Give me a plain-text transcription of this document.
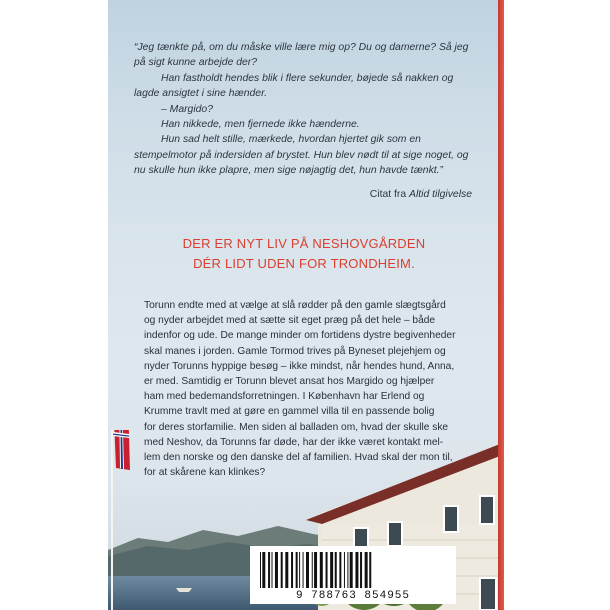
“Jeg tænkte på, om du måske ville lære mig op? Du og damerne? Så jeg på sigt kunne arbejde der?

Han fastholdt hendes blik i flere sekunder, bøjede så nakken og lagde ansigtet i sine hænder.

– Margido?

Han nikkede, men fjernede ikke hænderne.

Hun sad helt stille, mærkede, hvordan hjertet gik som en stempelmotor på indersiden af brystet. Hun blev nødt til at sige noget, og nu skulle hun ikke plapre, men sige nøjagtig det, hun havde tænkt.”

Citat fra Altid tilgivelse
DER ER NYT LIV PÅ NESHOVGÅRDEN
DÉR LIDT UDEN FOR TRONDHEIM.

Torunn endte med at vælge at slå rødder på den gamle slægtsgård

og nyder arbejdet med at sætte sit eget præg på det hele – både

indenfor og ude. De mange minder om fortidens dystre begivenheder

skal manes i jorden. Gamle Tormod trives på Byneset plejehjem og

nyder Torunns hyppige besøg – ikke mindst, når hendes hund, Anna,

er med. Samtidig er Torunn blevet ansat hos Margido og hjælper

ham med bedemandsforretningen. I København har Erlend og

Krumme travlt med at gøre en gammel villa til en passende bolig

for deres storfamilie. Men siden al balladen om, hvad der skulle ske

med Neshov, da Torunns far døde, har der ikke været kontakt mel-

lem den norske og den danske del af familien. Hvad skal der mon til,

for at skårene kan klinkes?

9 788763 854955
